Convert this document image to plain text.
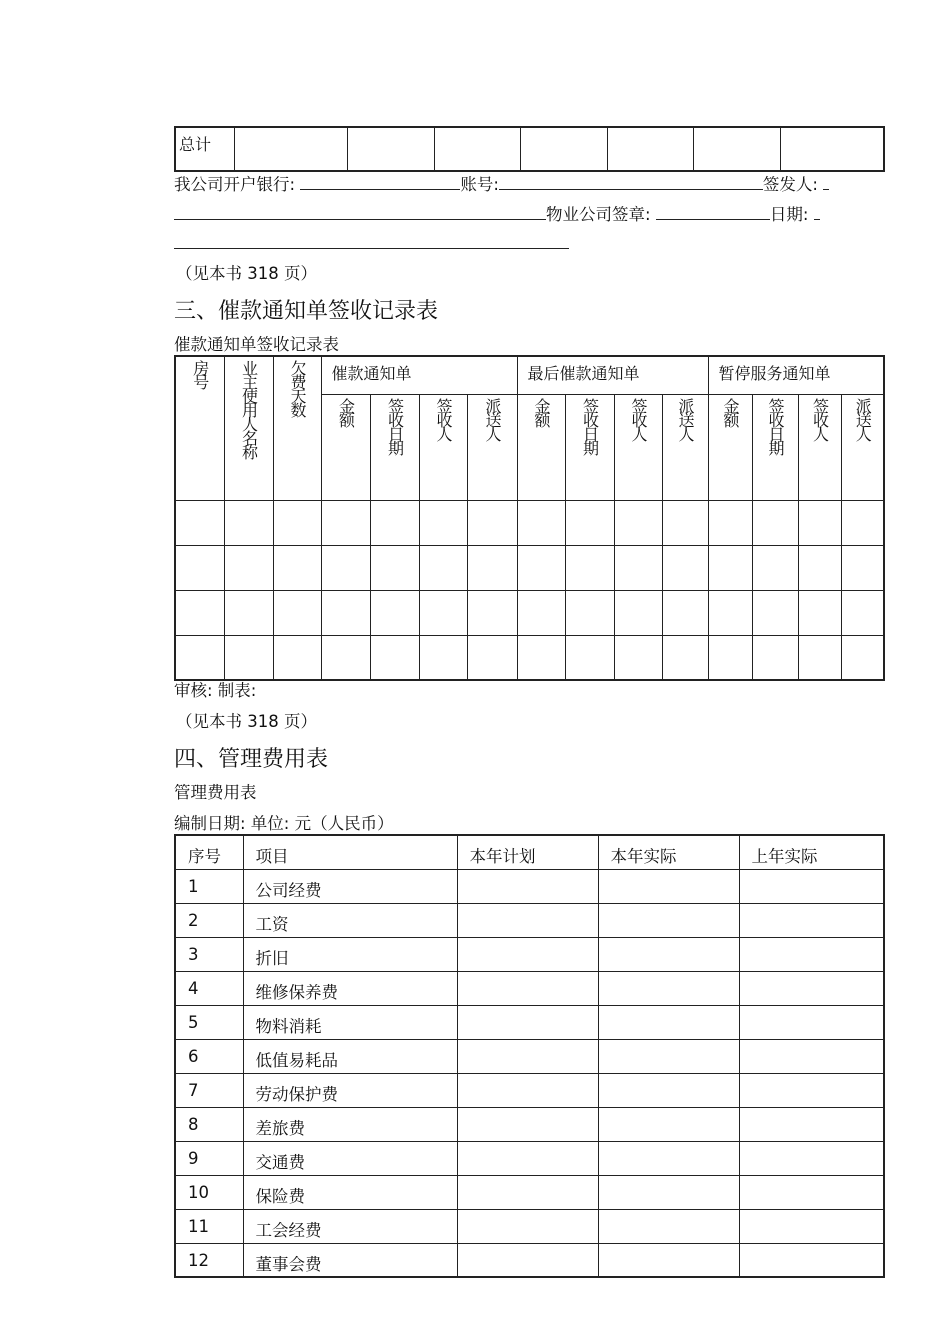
总计							
我公司开户银行:	账号:	签发人:
物业公司签章:	日期:
（见本书 318 页）
三、催款通知单签收记录表
催款通知单签收记录表
房号	业主使用人名称	欠费天数	催款通知单				最后催款通知单				暂停服务通知单			
			金额	签收日期	签收人	派送人	金额	签收日期	签收人	派送人	金额	签收日期	签收人	派送人

审核: 制表:
（见本书 318 页）
四、管理费用表
管理费用表
编制日期: 单位: 元（人民币）
序号	项目	本年计划	本年实际	上年实际
1	公司经费			
2	工资			
3	折旧			
4	维修保养费			
5	物料消耗			
6	低值易耗品			
7	劳动保护费			
8	差旅费			
9	交通费			
10	保险费			
11	工会经费			
12	董事会费			
